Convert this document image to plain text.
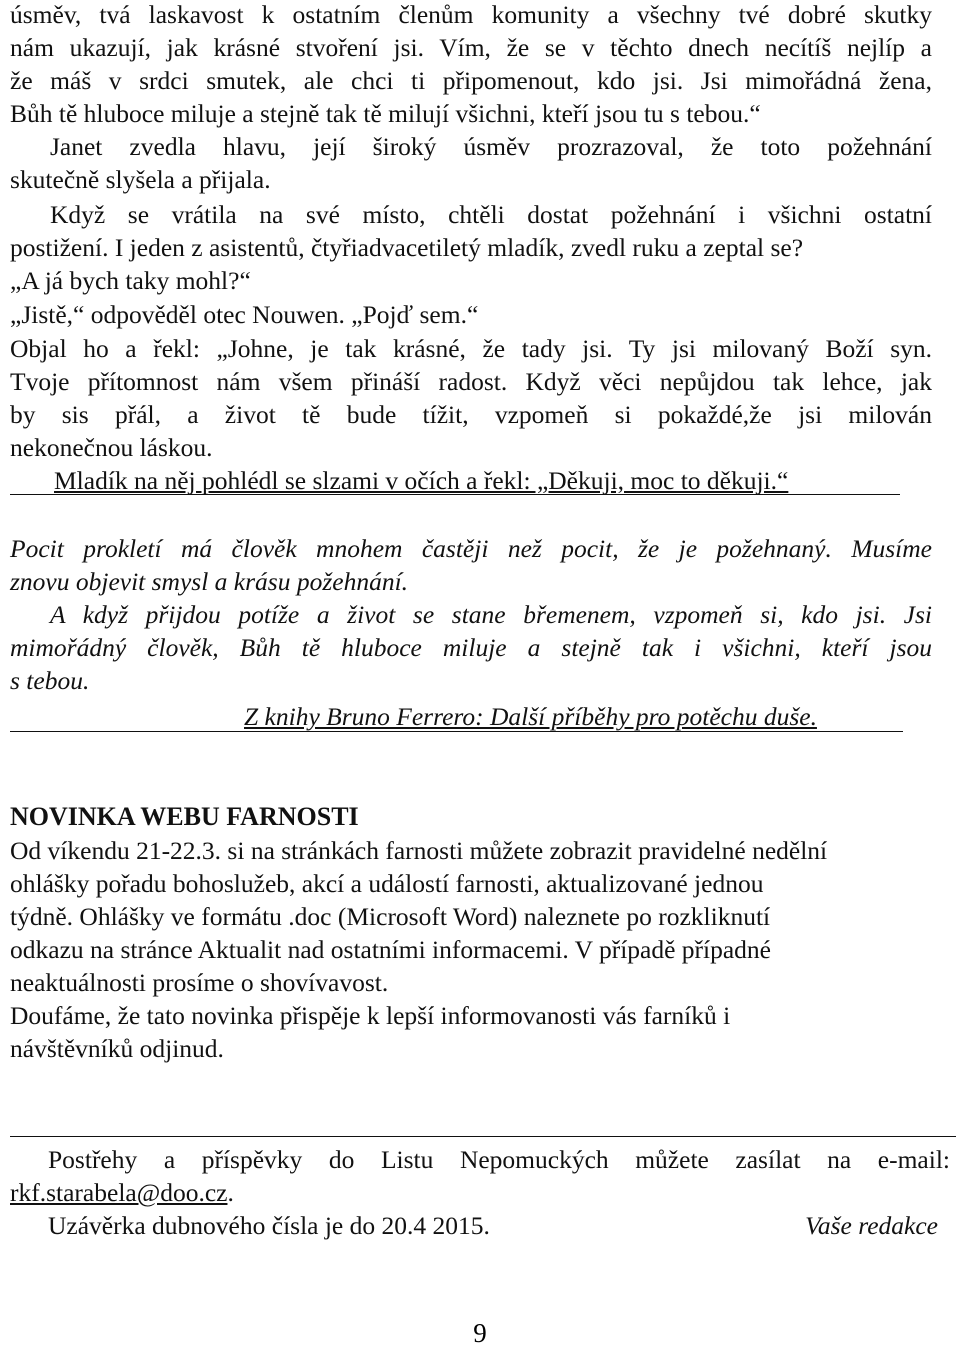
úsměv, tvá laskavost k ostatním členům komunity a všechny tvé dobré skutky
nám ukazují, jak krásné stvoření jsi. Vím, že se v těchto dnech necítíš nejlíp a
že máš v srdci smutek, ale chci ti připomenout, kdo jsi. Jsi mimořádná žena,
Bůh tě hluboce miluje a stejně tak tě milují všichni, kteří jsou tu s tebou.“
Janet zvedla hlavu, její široký úsměv prozrazoval, že toto požehnání
skutečně slyšela a přijala.
Když se vrátila na své místo, chtěli dostat požehnání i všichni ostatní
postižení. I jeden z asistentů, čtyřiadvacetiletý mladík, zvedl ruku a zeptal se?
„A já bych taky mohl?“
„Jistě,“ odpověděl otec Nouwen. „Pojď sem.“
Objal ho a řekl: „Johne, je tak krásné, že tady jsi. Ty jsi milovaný Boží syn.
Tvoje přítomnost nám všem přináší radost. Když věci nepůjdou tak lehce, jak
by sis přál, a život tě bude tížit, vzpomeň si pokaždé,že jsi milován
nekonečnou láskou.
Mladík na něj pohlédl se slzami v očích a řekl: „Děkuji, moc to děkuji.“
Pocit prokletí má člověk mnohem častěji než pocit, že je požehnaný. Musíme
znovu objevit smysl a krásu požehnání.
A když přijdou potíže a život se stane břemenem, vzpomeň si, kdo jsi. Jsi
mimořádný člověk, Bůh tě hluboce miluje a stejně tak i všichni, kteří jsou
s tebou.
Z knihy Bruno Ferrero: Další příběhy pro potěchu duše.
NOVINKA WEBU FARNOSTI
Od víkendu 21-22.3. si na stránkách farnosti můžete zobrazit pravidelné nedělní
ohlášky pořadu bohoslužeb, akcí a událostí farnosti, aktualizované jednou
týdně. Ohlášky ve formátu .doc (Microsoft Word) naleznete po rozkliknutí
odkazu na stránce Aktualit nad ostatními informacemi. V případě případné
neaktuálnosti prosíme o shovívavost.
Doufáme, že tato novinka přispěje k lepší informovanosti vás farníků i
návštěvníků odjinud.
Postřehy a příspěvky do Listu Nepomuckých můžete zasílat na e-mail:
rkf.starabela@doo.cz.
Uzávěrka dubnového čísla je do 20.4 2015.	Vaše redakce
9
